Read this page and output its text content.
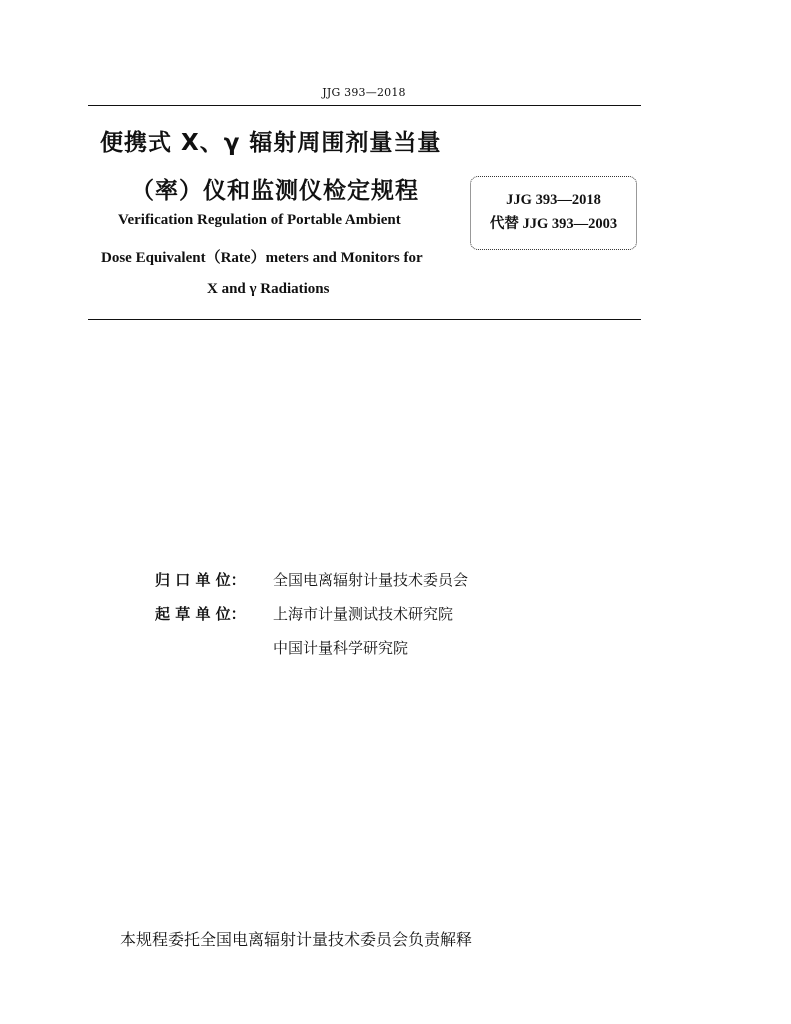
JJG 393—2018
便携式 X、γ 辐射周围剂量当量
（率）仪和监测仪检定规程
Verification Regulation of Portable Ambient
Dose Equivalent（Rate）meters and Monitors for
X and γ Radiations
JJG 393—2018
代替 JJG 393—2003
归 口 单 位： 全国电离辐射计量技术委员会
起 草 单 位： 上海市计量测试技术研究院
中国计量科学研究院
本规程委托全国电离辐射计量技术委员会负责解释
